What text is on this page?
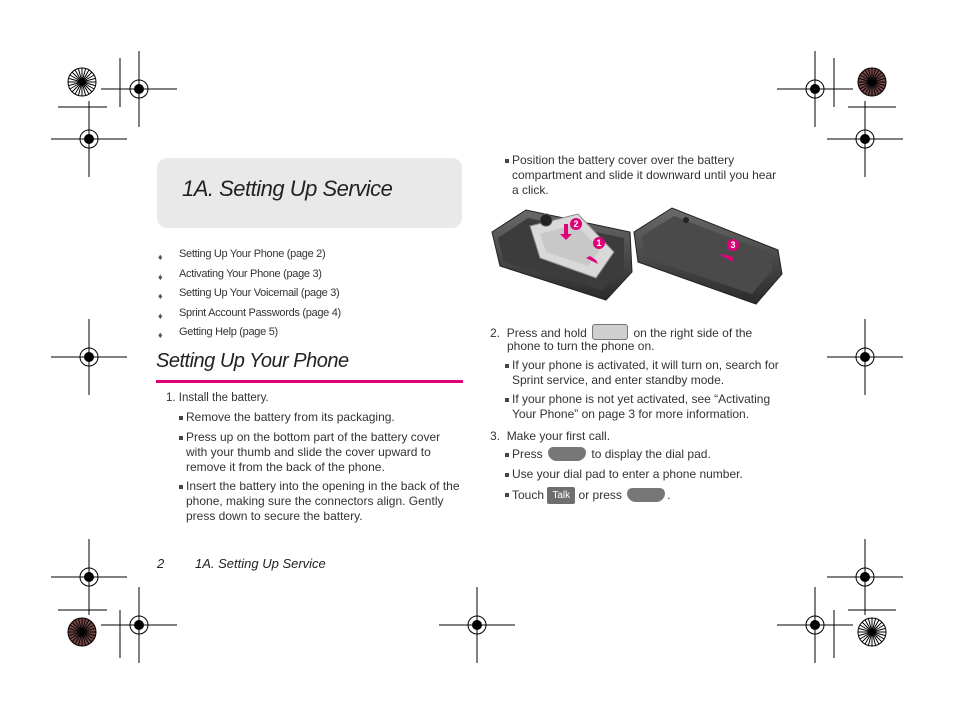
1A. Setting Up Service
♦ Setting Up Your Phone (page 2)
♦ Activating Your Phone (page 3)
♦ Setting Up Your Voicemail (page 3)
♦ Sprint Account Passwords (page 4)
♦ Getting Help (page 5)
Setting Up Your Phone
1. Install the battery.
Remove the battery from its packaging.
Press up on the bottom part of the battery cover with your thumb and slide the cover upward to remove it from the back of the phone.
Insert the battery into the opening in the back of the phone, making sure the connectors align. Gently press down to secure the battery.
Position the battery cover over the battery compartment and slide it downward until you hear a click.
2
1	3
2. Press and hold	on the right side of the
phone to turn the phone on.
If your phone is activated, it will turn on, search for Sprint service, and enter standby mode.
If your phone is not yet activated, see “Activating Your Phone” on page 3 for more information.
3. Make your first call.
Press	to display the dial pad.
Use your dial pad to enter a phone number.
Touch Talk or press	.
2 1A. Setting Up Service
